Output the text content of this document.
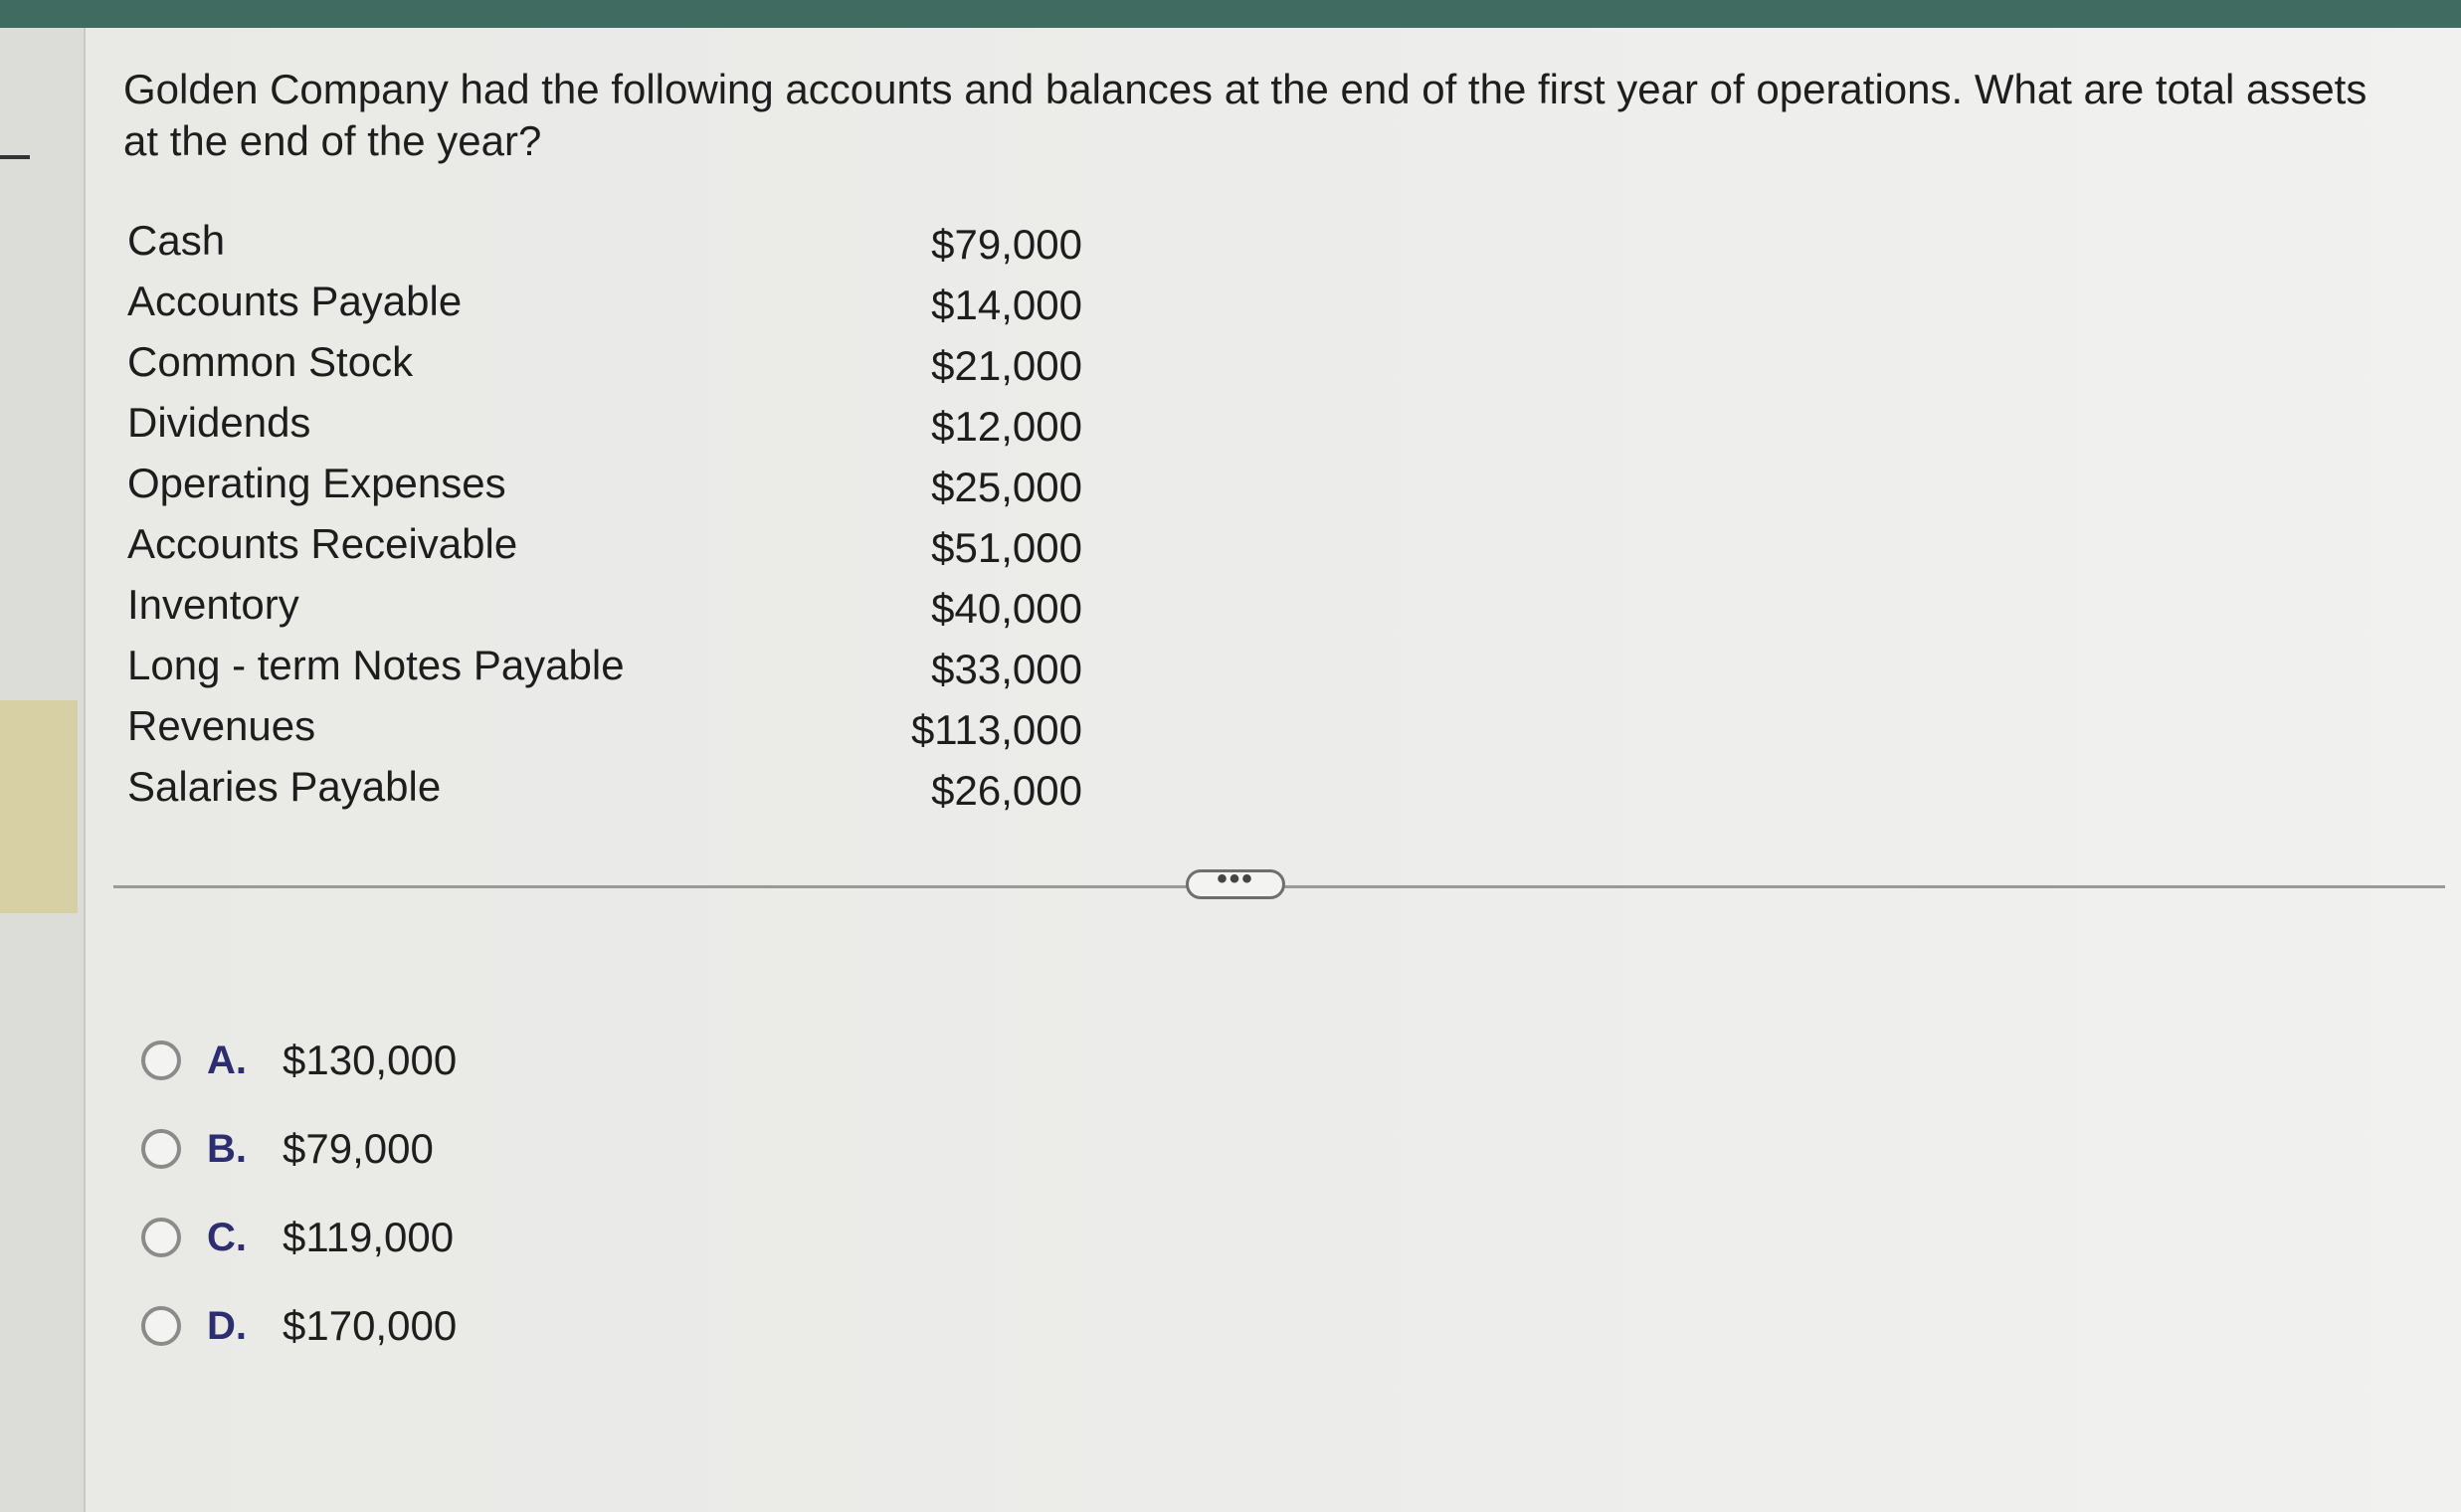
Golden Company had the following accounts and balances at the end of the first year of operations. What are total assets at the end of the year?
Cash	$79,000
Accounts Payable	$14,000
Common Stock	$21,000
Dividends	$12,000
Operating Expenses	$25,000
Accounts Receivable	$51,000
Inventory	$40,000
Long - term Notes Payable	$33,000
Revenues	$113,000
Salaries Payable	$26,000
•••
A. $130,000
B. $79,000
C. $119,000
D. $170,000
